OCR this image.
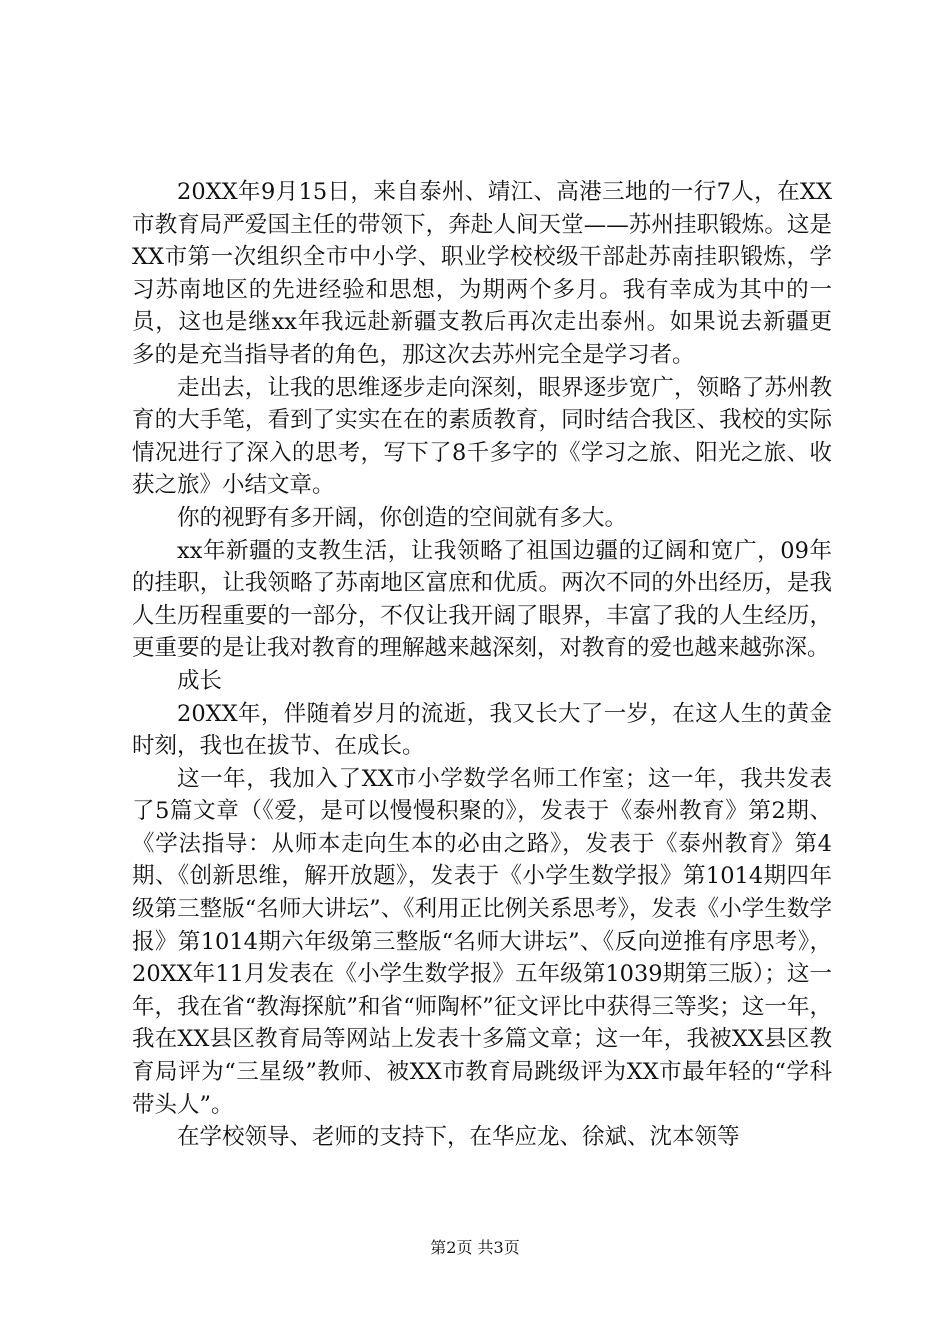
20XX年9月15日，来自泰州、靖江、高港三地的一行7人，在XX市教育局严爱国主任的带领下，奔赴人间天堂——苏州挂职锻炼。这是XX市第一次组织全市中小学、职业学校校级干部赴苏南挂职锻炼，学习苏南地区的先进经验和思想，为期两个多月。我有幸成为其中的一员，这也是继xx年我远赴新疆支教后再次走出泰州。如果说去新疆更多的是充当指导者的角色，那这次去苏州完全是学习者。

走出去，让我的思维逐步走向深刻，眼界逐步宽广，领略了苏州教育的大手笔，看到了实实在在的素质教育，同时结合我区、我校的实际情况进行了深入的思考，写下了8千多字的《学习之旅、阳光之旅、收获之旅》小结文章。

你的视野有多开阔，你创造的空间就有多大。

xx年新疆的支教生活，让我领略了祖国边疆的辽阔和宽广，09年的挂职，让我领略了苏南地区富庶和优质。两次不同的外出经历，是我人生历程重要的一部分，不仅让我开阔了眼界，丰富了我的人生经历，更重要的是让我对教育的理解越来越深刻，对教育的爱也越来越弥深。

成长

20XX年，伴随着岁月的流逝，我又长大了一岁，在这人生的黄金时刻，我也在拔节、在成长。

这一年，我加入了XX市小学数学名师工作室；这一年，我共发表了5篇文章（《爱，是可以慢慢积聚的》，发表于《泰州教育》第2期、《学法指导：从师本走向生本的必由之路》，发表于《泰州教育》第4期、《创新思维，解开放题》，发表于《小学生数学报》第1014期四年级第三整版“名师大讲坛”、《利用正比例关系思考》，发表《小学生数学报》第1014期六年级第三整版“名师大讲坛”、《反向逆推有序思考》，20XX年11月发表在《小学生数学报》五年级第1039期第三版）；这一年，我在省“教海探航”和省“师陶杯”征文评比中获得三等奖；这一年，我在XX县区教育局等网站上发表十多篇文章；这一年，我被XX县区教育局评为“三星级”教师、被XX市教育局跳级评为XX市最年轻的“学科带头人”。

在学校领导、老师的支持下，在华应龙、徐斌、沈本领等

第2页 共3页
